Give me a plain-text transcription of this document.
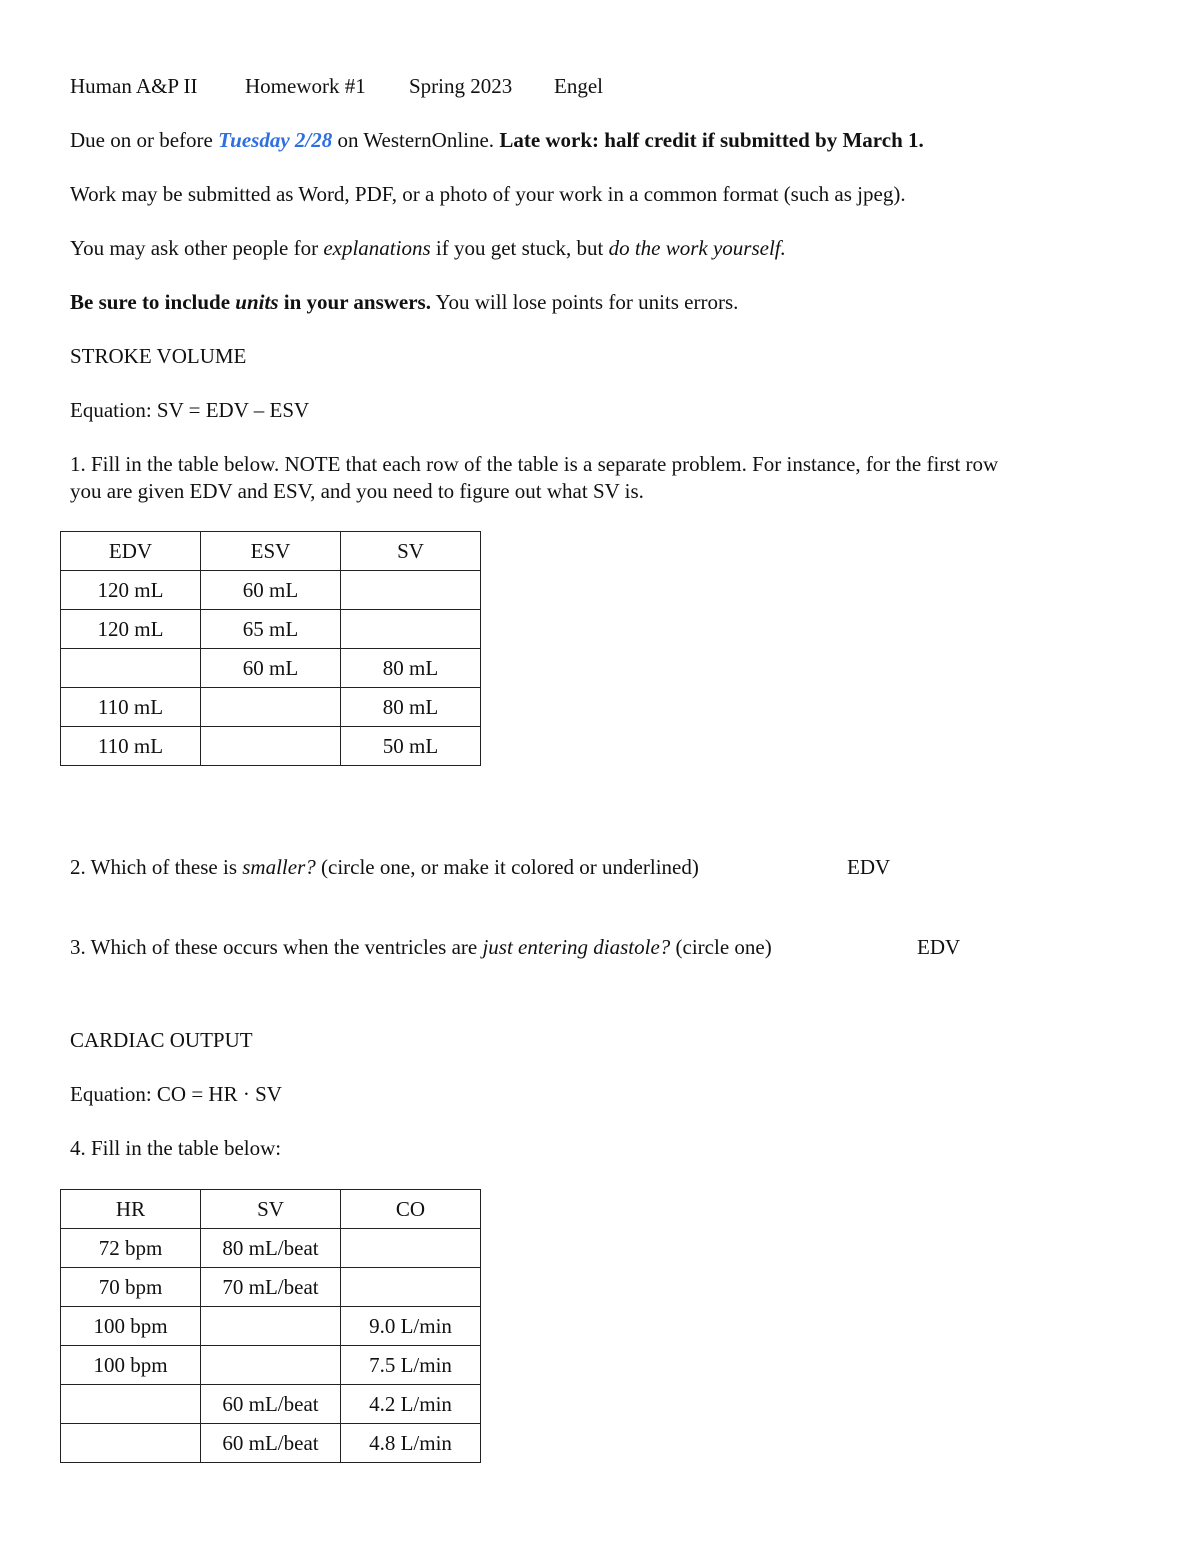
Human A&P II Homework #1 Spring 2023 Engel
Due on or before Tuesday 2/28 on WesternOnline. Late work: half credit if submitted by March 1.
Work may be submitted as Word, PDF, or a photo of your work in a common format (such as jpeg).
You may ask other people for explanations if you get stuck, but do the work yourself.
Be sure to include units in your answers. You will lose points for units errors.
STROKE VOLUME
Equation: SV = EDV – ESV
1. Fill in the table below. NOTE that each row of the table is a separate problem. For instance, for the first row
you are given EDV and ESV, and you need to figure out what SV is.
EDV	ESV	SV
120 mL	60 mL	
120 mL	65 mL	
	60 mL	80 mL
110 mL		80 mL
110 mL		50 mL
2. Which of these is smaller? (circle one, or make it colored or underlined)	EDV
3. Which of these occurs when the ventricles are just entering diastole? (circle one)	EDV
CARDIAC OUTPUT
Equation: CO = HR · SV
4. Fill in the table below:
HR	SV	CO
72 bpm	80 mL/beat	
70 bpm	70 mL/beat	
100 bpm		9.0 L/min
100 bpm		7.5 L/min
	60 mL/beat	4.2 L/min
	60 mL/beat	4.8 L/min
